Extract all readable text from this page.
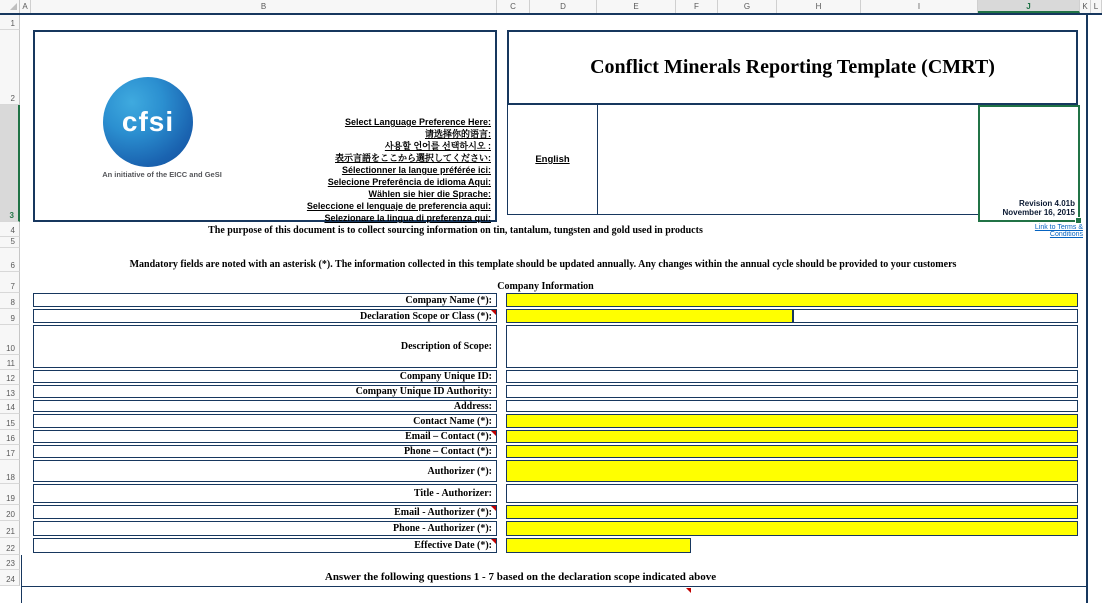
A	B	C	D	E	F	G	H	I	J	K L
1
2
3
4
5
6
7
8
9
10
11
12
13
14
15
16
17
18
19
20
21
22
23
24
cfsi
An initiative of the EICC and GeSI
Select Language Preference Here:
请选择你的语言:
사용할 언어를 선택하시오 :
表示言語をここから選択してください:
Sélectionner la langue préférée ici:
Selecione Preferência de idioma Aqui:
Wählen sie hier die Sprache:
Seleccione el lenguaje de preferencia aqui:
Selezionare la lingua di preferenza qui:
Conflict Minerals Reporting Template (CMRT)
English
Revision 4.01b
November 16, 2015
Link to Terms & Conditions
The purpose of this document is to collect sourcing information on tin, tantalum, tungsten and gold used in products
Mandatory fields are noted with an asterisk (*). The information collected in this template should be updated annually. Any changes within the annual cycle should be provided to your customers
Company Information
Company Name (*):
Declaration Scope or Class (*):
Description of Scope:
Company Unique ID:
Company Unique ID Authority:
Address:
Contact Name (*):
Email – Contact (*):
Phone – Contact (*):
Authorizer (*):
Title - Authorizer:
Email - Authorizer (*):
Phone - Authorizer (*):
Effective Date (*):
Answer the following questions 1 - 7 based on the declaration scope indicated above
